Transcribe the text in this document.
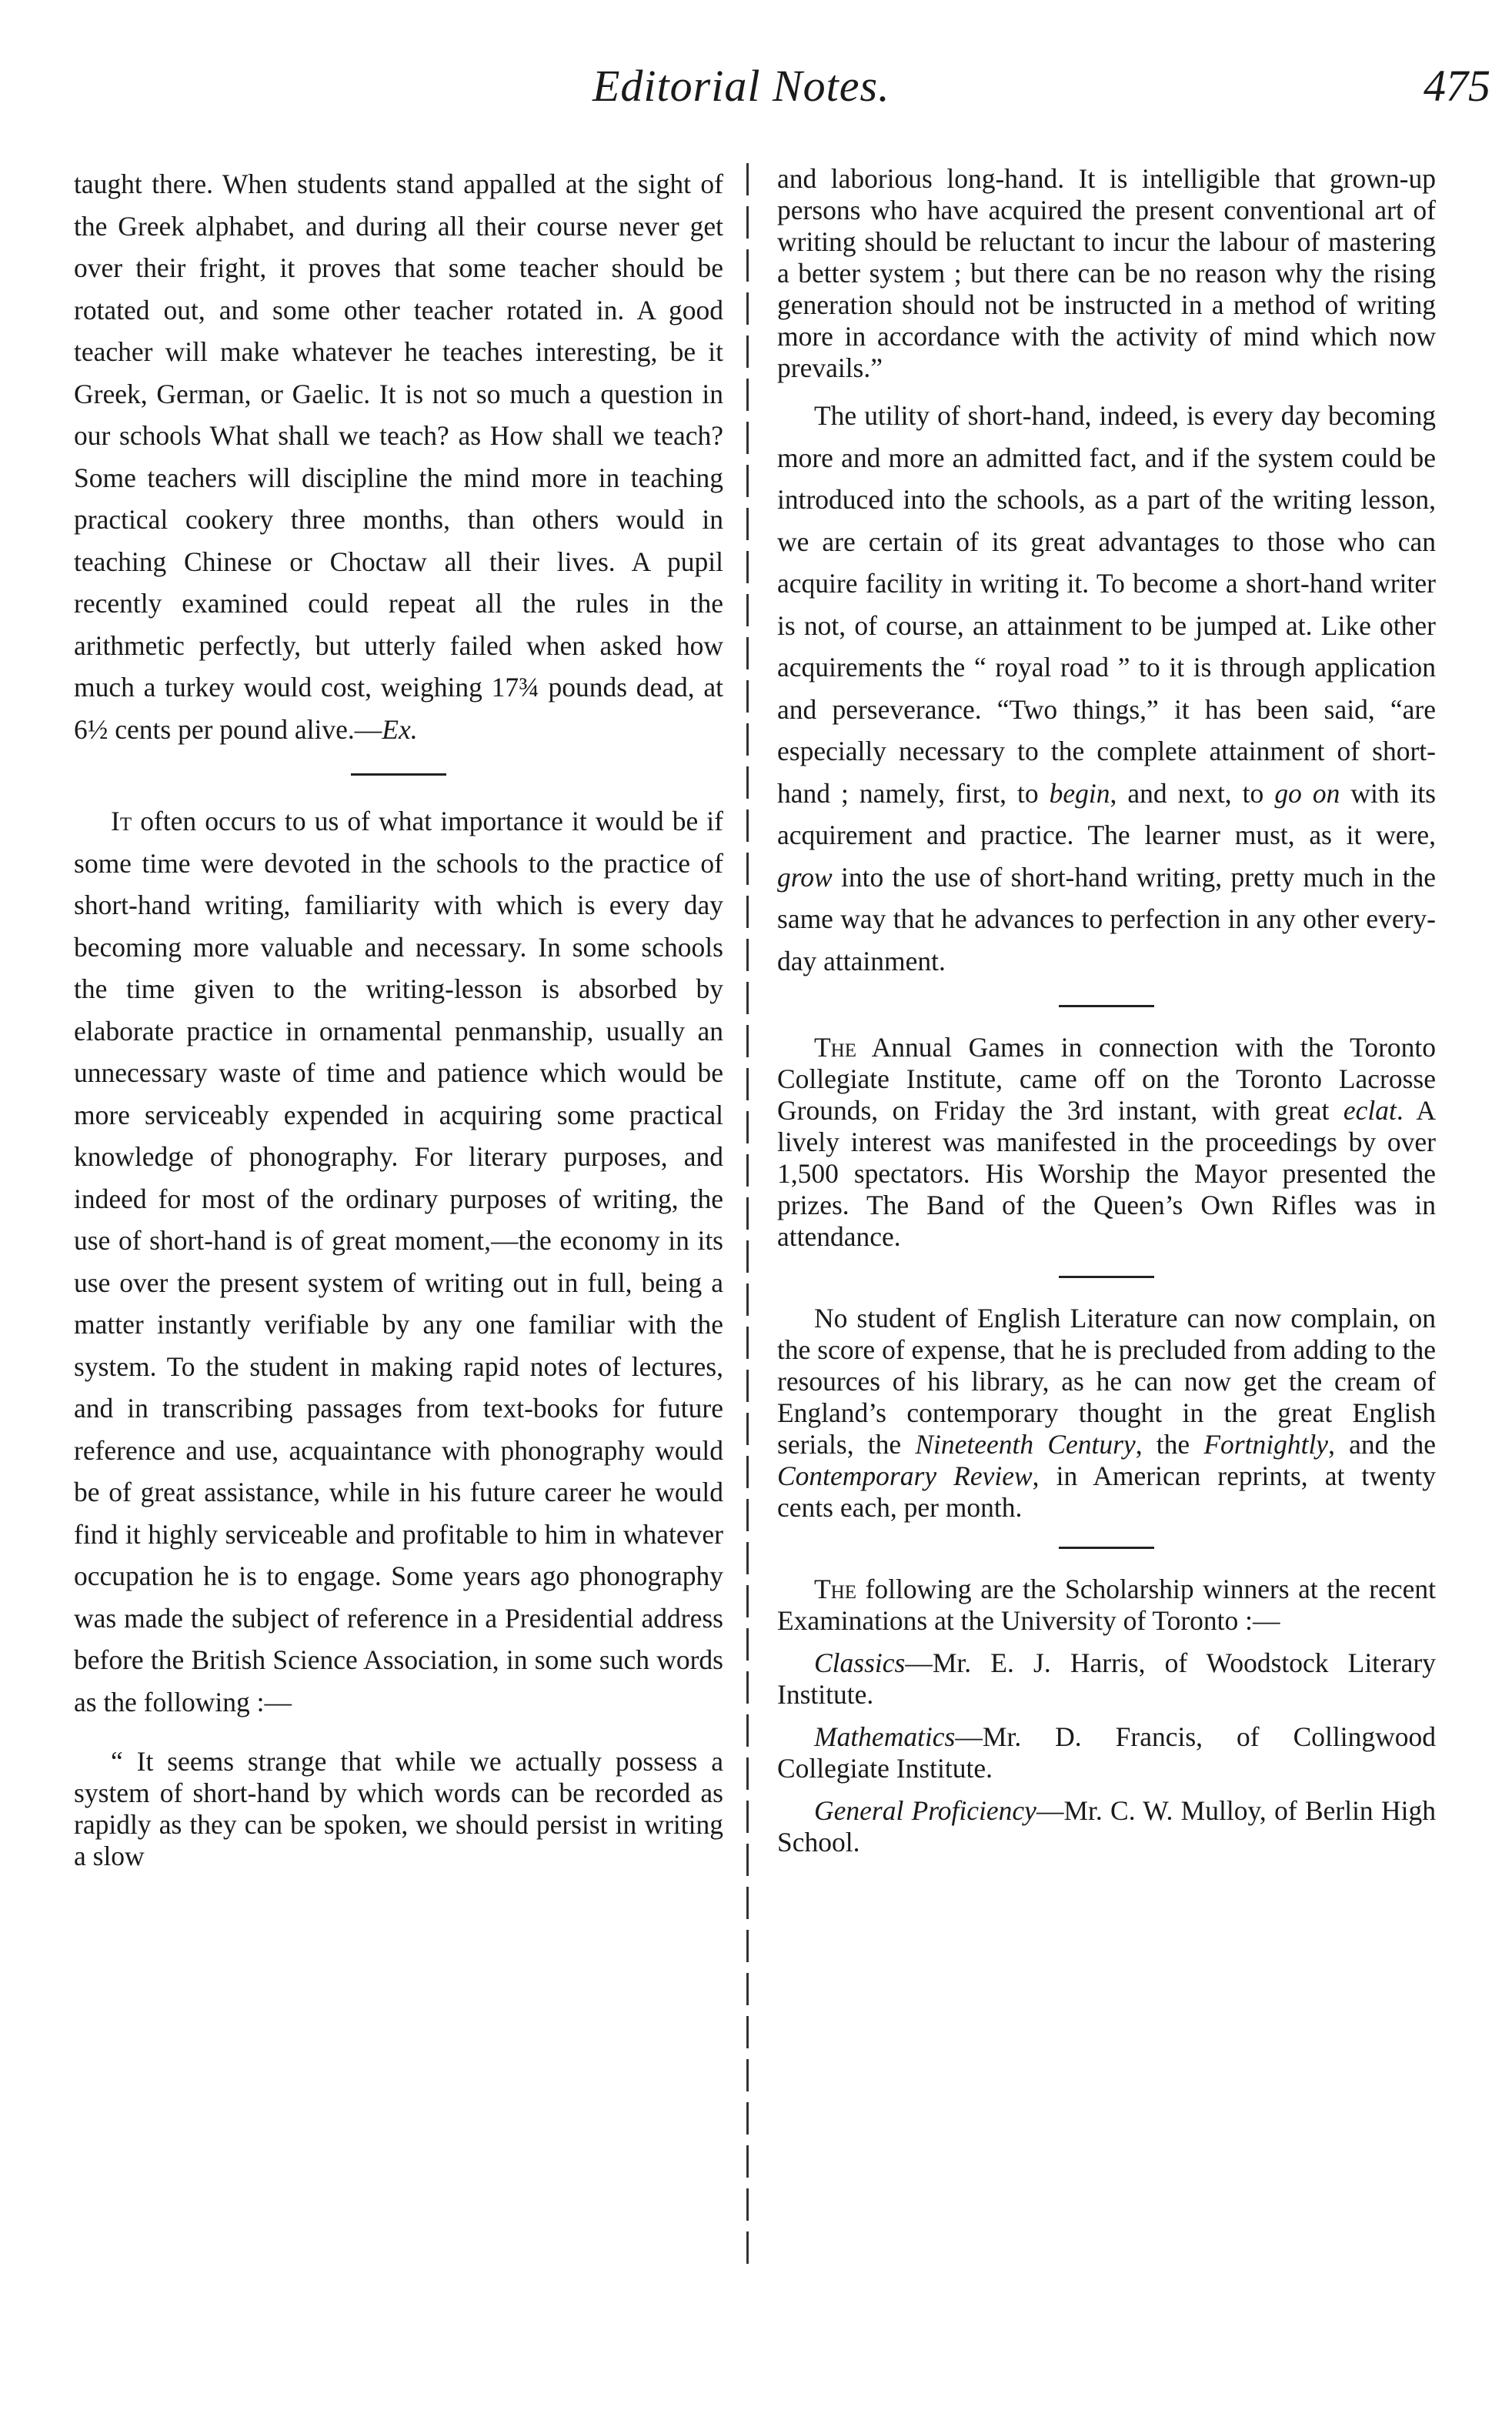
Editorial Notes.	475

taught there. When students stand appalled at the sight of the Greek alphabet, and during all their course never get over their fright, it proves that some teacher should be rotated out, and some other teacher rotated in. A good teacher will make whatever he teaches interesting, be it Greek, German, or Gaelic. It is not so much a question in our schools What shall we teach? as How shall we teach? Some teachers will discipline the mind more in teaching practical cookery three months, than others would in teaching Chinese or Choctaw all their lives. A pupil recently examined could repeat all the rules in the arithmetic perfectly, but utterly failed when asked how much a turkey would cost, weighing 17¾ pounds dead, at 6½ cents per pound alive.—Ex.

It often occurs to us of what importance it would be if some time were devoted in the schools to the practice of short-hand writing, familiarity with which is every day becoming more valuable and necessary. In some schools the time given to the writing-lesson is absorbed by elaborate practice in ornamental penmanship, usually an unnecessary waste of time and patience which would be more serviceably expended in acquiring some practical knowledge of phonography. For literary purposes, and indeed for most of the ordinary purposes of writing, the use of short-hand is of great moment,—the economy in its use over the present system of writing out in full, being a matter instantly verifiable by any one familiar with the system. To the student in making rapid notes of lectures, and in transcribing passages from text-books for future reference and use, acquaintance with phonography would be of great assistance, while in his future career he would find it highly serviceable and profitable to him in whatever occupation he is to engage. Some years ago phonography was made the subject of reference in a Presidential address before the British Science Association, in some such words as the following :—

“ It seems strange that while we actually possess a system of short-hand by which words can be recorded as rapidly as they can be spoken, we should persist in writing a slow

and laborious long-hand. It is intelligible that grown-up persons who have acquired the present conventional art of writing should be reluctant to incur the labour of mastering a better system ; but there can be no reason why the rising generation should not be instructed in a method of writing more in accordance with the activity of mind which now prevails.”

The utility of short-hand, indeed, is every day becoming more and more an admitted fact, and if the system could be introduced into the schools, as a part of the writing lesson, we are certain of its great advantages to those who can acquire facility in writing it. To become a short-hand writer is not, of course, an attainment to be jumped at. Like other acquirements the “ royal road ” to it is through application and perseverance. “Two things,” it has been said, “are especially necessary to the complete attainment of short-hand ; namely, first, to begin, and next, to go on with its acquirement and practice. The learner must, as it were, grow into the use of short-hand writing, pretty much in the same way that he advances to perfection in any other every-day attainment.

The Annual Games in connection with the Toronto Collegiate Institute, came off on the Toronto Lacrosse Grounds, on Friday the 3rd instant, with great eclat. A lively interest was manifested in the proceedings by over 1,500 spectators. His Worship the Mayor presented the prizes. The Band of the Queen’s Own Rifles was in attendance.

No student of English Literature can now complain, on the score of expense, that he is precluded from adding to the resources of his library, as he can now get the cream of England’s contemporary thought in the great English serials, the Nineteenth Century, the Fortnightly, and the Contemporary Review, in American reprints, at twenty cents each, per month.

The following are the Scholarship winners at the recent Examinations at the University of Toronto :—

Classics—Mr. E. J. Harris, of Woodstock Literary Institute.

Mathematics—Mr. D. Francis, of Collingwood Collegiate Institute.

General Proficiency—Mr. C. W. Mulloy, of Berlin High School.
